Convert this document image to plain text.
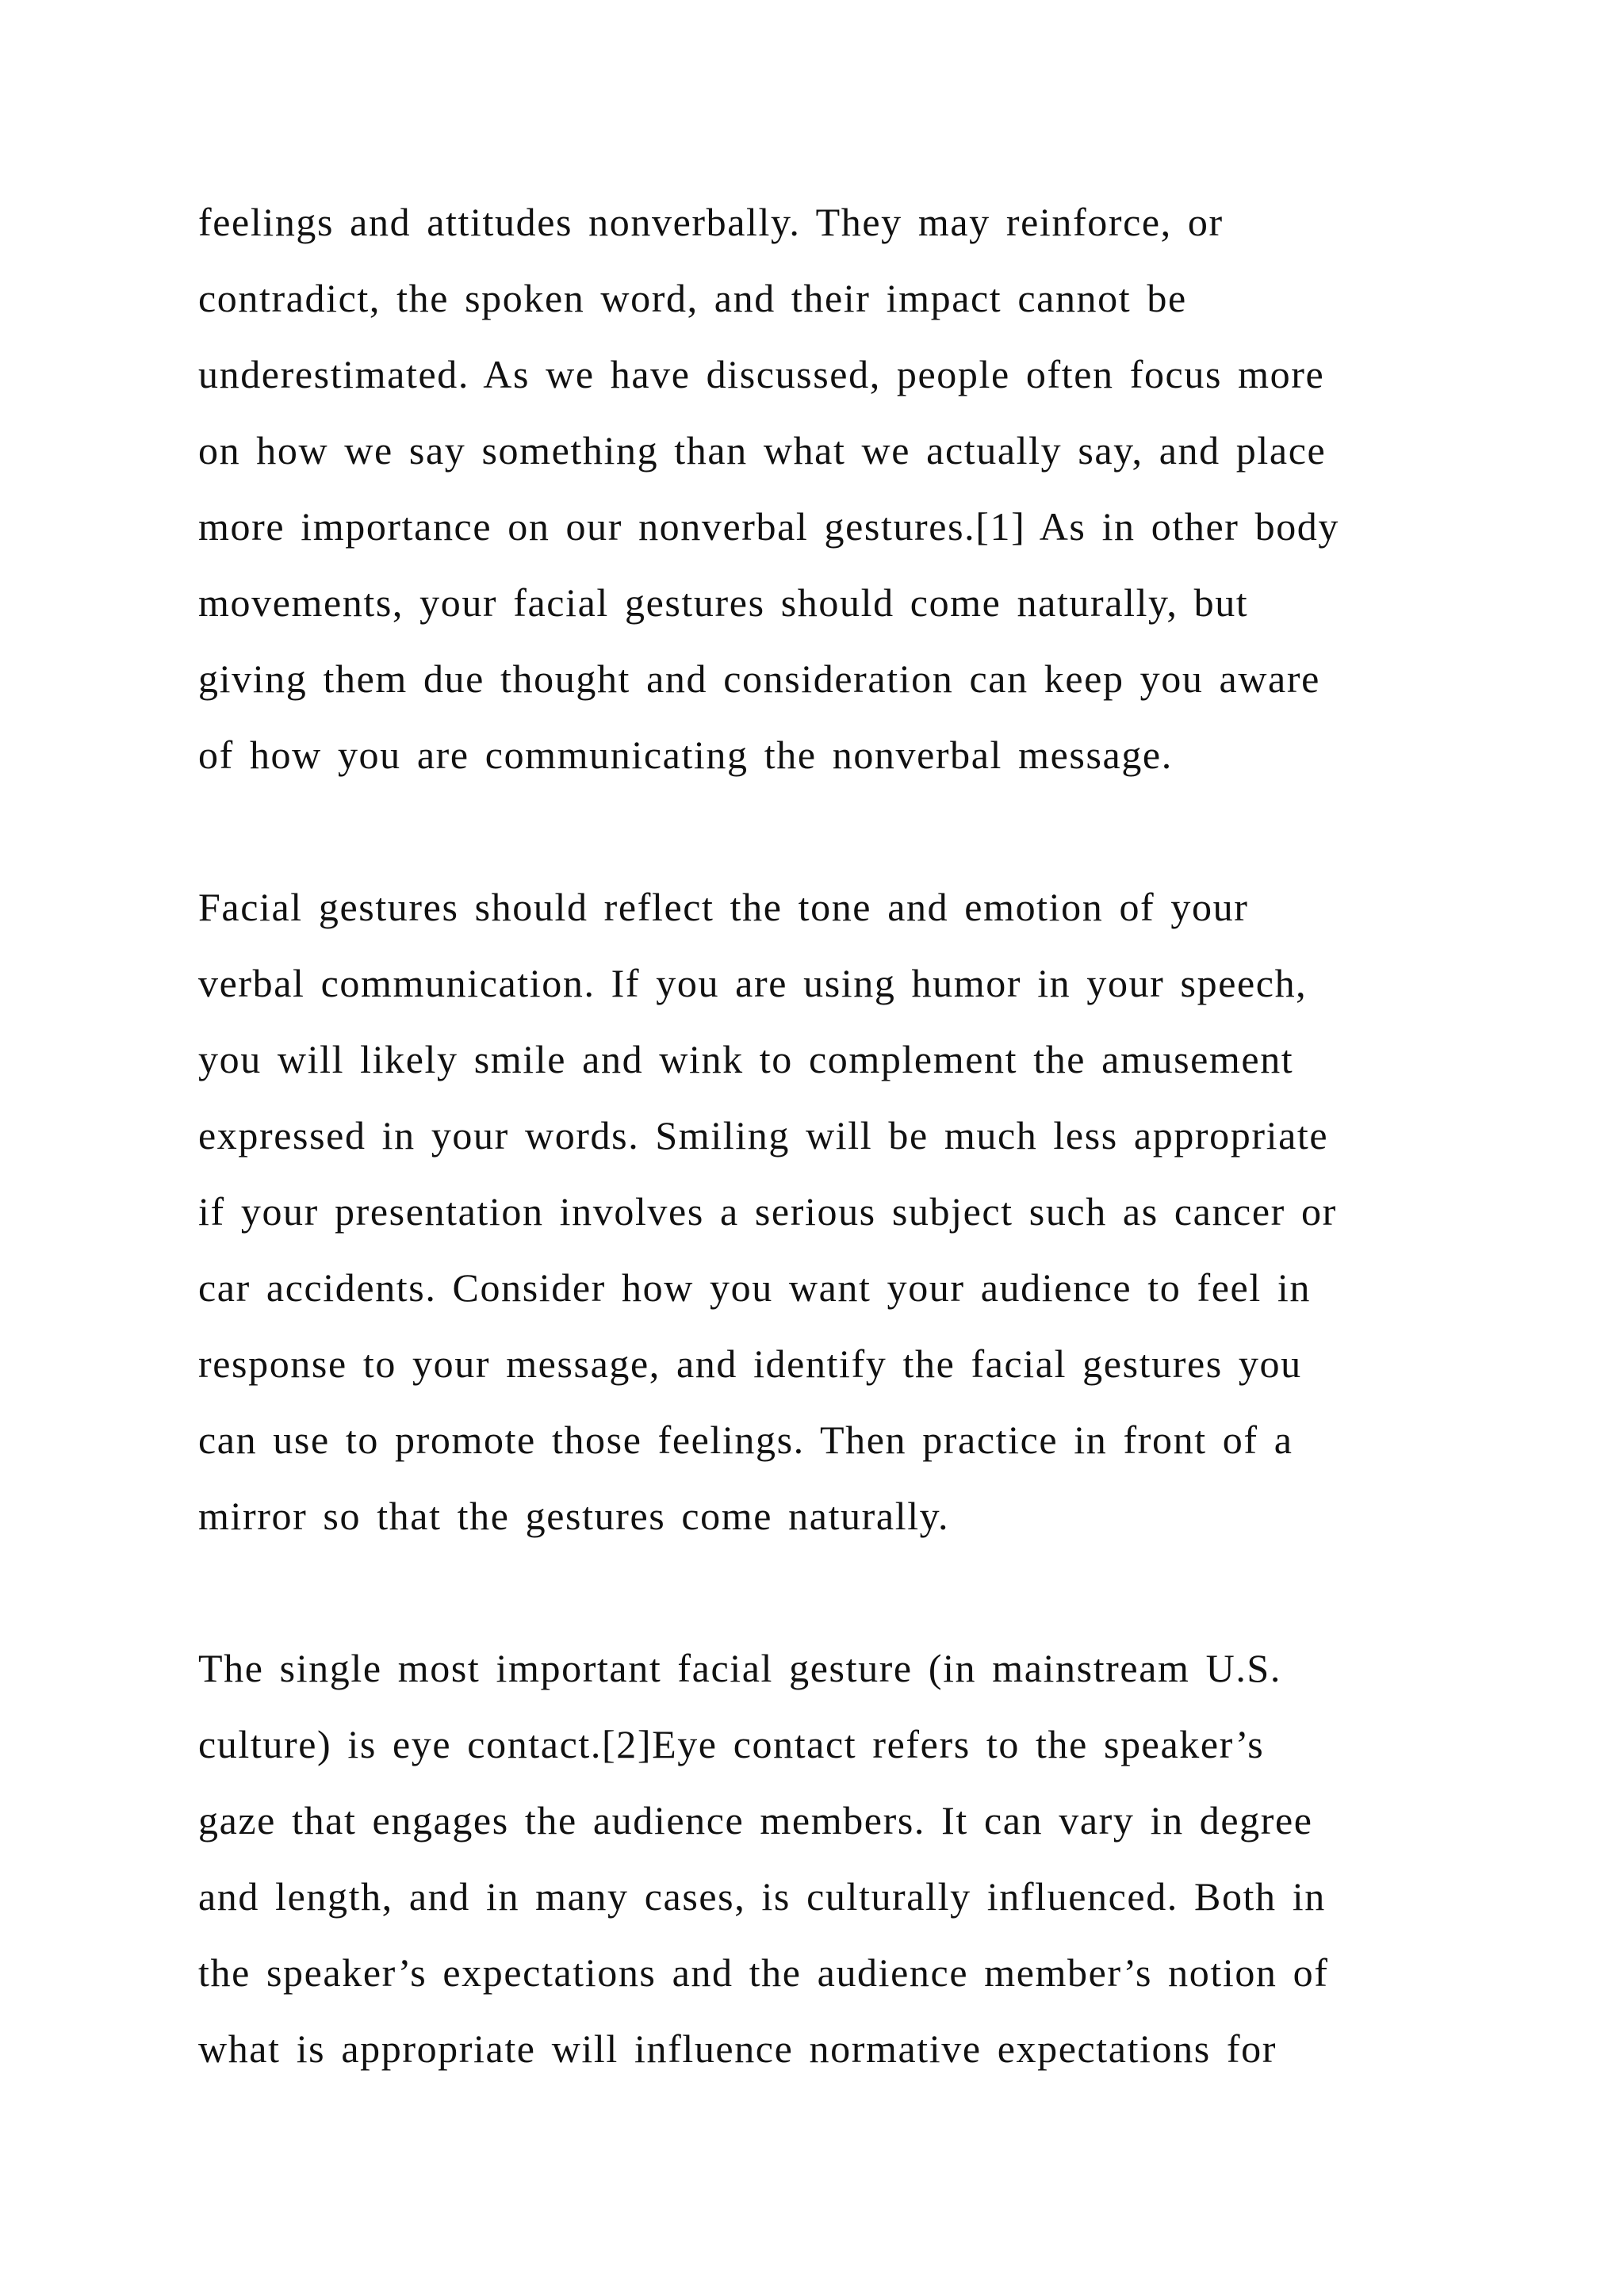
feelings and attitudes nonverbally. They may reinforce, or
contradict, the spoken word, and their impact cannot be
underestimated. As we have discussed, people often focus more
on how we say something than what we actually say, and place
more importance on our nonverbal gestures.[1] As in other body
movements, your facial gestures should come naturally, but
giving them due thought and consideration can keep you aware
of how you are communicating the nonverbal message.
Facial gestures should reflect the tone and emotion of your
verbal communication. If you are using humor in your speech,
you will likely smile and wink to complement the amusement
expressed in your words. Smiling will be much less appropriate
if your presentation involves a serious subject such as cancer or
car accidents. Consider how you want your audience to feel in
response to your message, and identify the facial gestures you
can use to promote those feelings. Then practice in front of a
mirror so that the gestures come naturally.
The single most important facial gesture (in mainstream U.S.
culture) is eye contact.[2]Eye contact refers to the speaker’s
gaze that engages the audience members. It can vary in degree
and length, and in many cases, is culturally influenced. Both in
the speaker’s expectations and the audience member’s notion of
what is appropriate will influence normative expectations for
